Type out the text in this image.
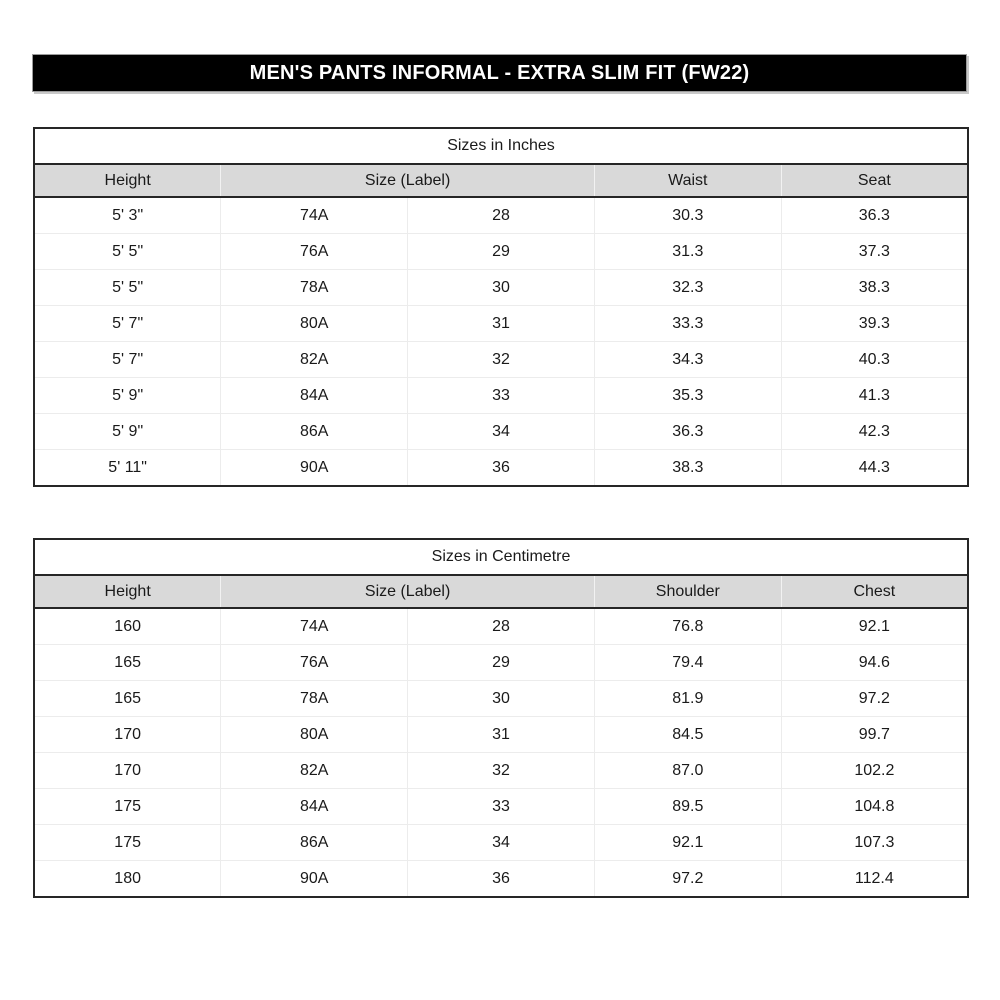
MEN'S PANTS INFORMAL - EXTRA SLIM FIT (FW22)
Sizes in Inches				
Height	Size (Label)		Waist	Seat
5' 3"	74A	28	30.3	36.3
5' 5"	76A	29	31.3	37.3
5' 5"	78A	30	32.3	38.3
5' 7"	80A	31	33.3	39.3
5' 7"	82A	32	34.3	40.3
5' 9"	84A	33	35.3	41.3
5' 9"	86A	34	36.3	42.3
5' 11"	90A	36	38.3	44.3
Sizes in Centimetre				
Height	Size (Label)		Shoulder	Chest
160	74A	28	76.8	92.1
165	76A	29	79.4	94.6
165	78A	30	81.9	97.2
170	80A	31	84.5	99.7
170	82A	32	87.0	102.2
175	84A	33	89.5	104.8
175	86A	34	92.1	107.3
180	90A	36	97.2	112.4
